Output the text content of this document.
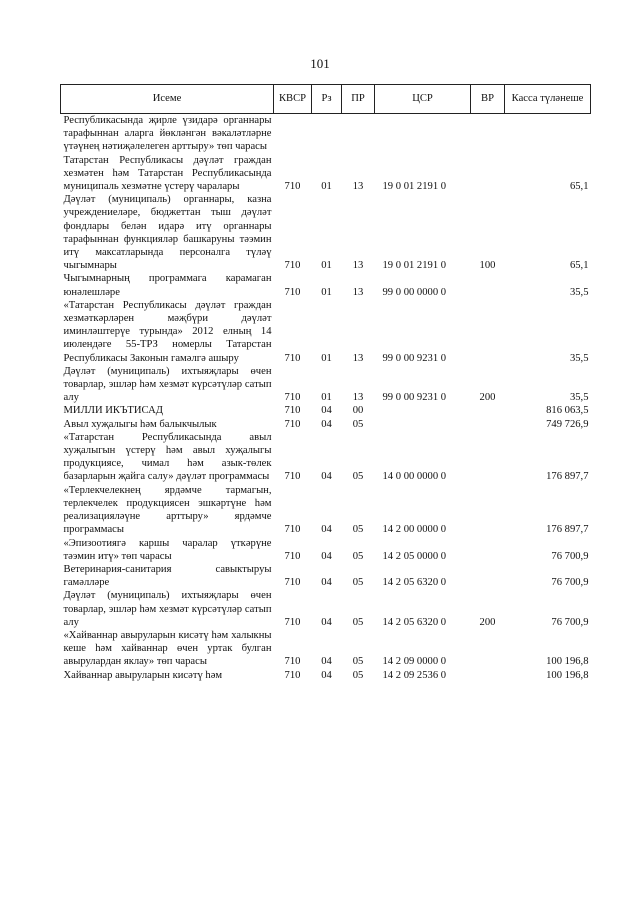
101
Исеме	КВСР	Рз	ПР	ЦСР	ВР	Касса түләнеше
Республикасында җирле үзидарә органнары тарафыннан аларга йөкләнгән вәкаләтләрне үтәүнең нәтиҗәлелеген арттыру» төп чарасы						
Татарстан Республикасы дәүләт граждан хезмәтен һәм Татарстан Республикасында муниципаль хезмәтне үстерү чаралары	710	01	13	19 0 01 2191 0		65,1
Дәүләт (муниципаль) органнары, казна учреждениеләре, бюджеттан тыш дәүләт фондлары белән идарә итү органнары тарафыннан функцияләр башкаруны тәэмин итү максатларында персоналга түләү чыгымнары	710	01	13	19 0 01 2191 0	100	65,1
Чыгымнарның программага карамаган юнәлешләре	710	01	13	99 0 00 0000 0		35,5
«Татарстан Республикасы дәүләт граждан хезмәткәрләрен мәҗбүри дәүләт иминләштерүе турында» 2012 елның 14 июлендәге 55-ТРЗ номерлы Татарстан Республикасы Законын гамәлгә ашыру	710	01	13	99 0 00 9231 0		35,5
Дәүләт (муниципаль) ихтыяҗлары өчен товарлар, эшләр һәм хезмәт күрсәтүләр сатып алу	710	01	13	99 0 00 9231 0	200	35,5
МИЛЛИ ИКЪТИСАД	710	04	00			816 063,5
Авыл хуҗалыгы һәм балыкчылык	710	04	05			749 726,9
«Татарстан Республикасында авыл хуҗалыгын үстерү һәм авыл хуҗалыгы продукциясе, чимал һәм азык-төлек базарларын җайга салу» дәүләт программасы	710	04	05	14 0 00 0000 0		176 897,7
«Терлекчелекнең ярдәмче тармагын, терлекчелек продукциясен эшкәртүне һәм реализацияләүне арттыру» ярдәмче программасы	710	04	05	14 2 00 0000 0		176 897,7
«Эпизоотиягә каршы чаралар үткәрүне тәэмин итү» төп чарасы	710	04	05	14 2 05 0000 0		76 700,9
Ветеринария-санитария савыктыруы гамәлләре	710	04	05	14 2 05 6320 0		76 700,9
Дәүләт (муниципаль) ихтыяҗлары өчен товарлар, эшләр һәм хезмәт күрсәтүләр сатып алу	710	04	05	14 2 05 6320 0	200	76 700,9
«Хайваннар авыруларын кисәтү һәм халыкны кеше һәм хайваннар өчен уртак булган авырулардан яклау» төп чарасы	710	04	05	14 2 09 0000 0		100 196,8
Хайваннар авыруларын кисәтү һәм	710	04	05	14 2 09 2536 0		100 196,8
